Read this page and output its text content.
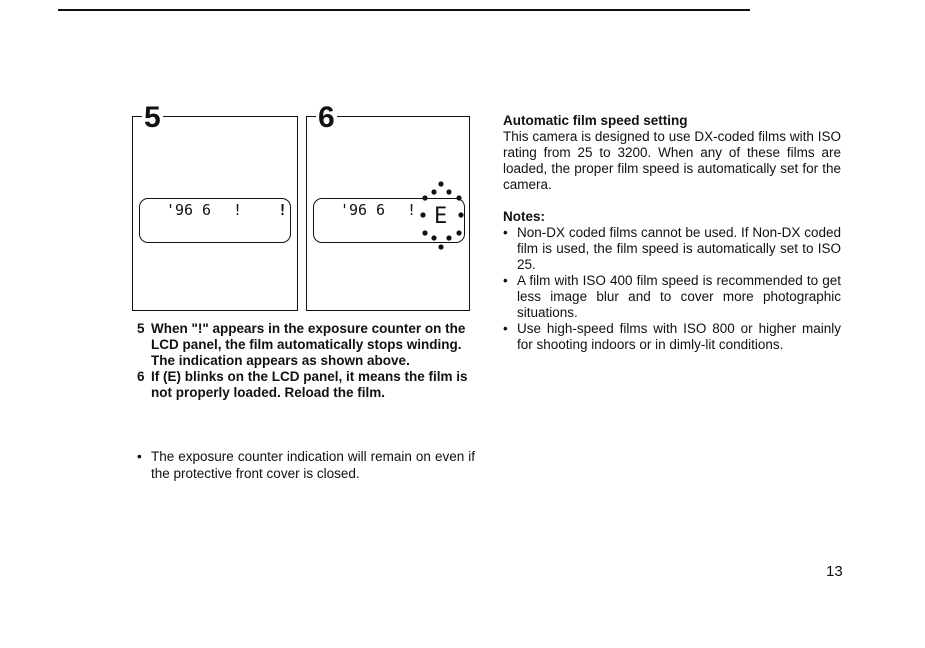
'96 6 ! !
5
'96 6 ! E
6
5 When "!" appears in the exposure counter on the LCD panel, the film automatically stops winding. The indication appears as shown above.
6 If (E) blinks on the LCD panel, it means the film is not properly loaded. Reload the film.
• The exposure counter indication will remain on even if the protective front cover is closed.

Automatic film speed setting

This camera is designed to use DX-coded films with ISO rating from 25 to 3200. When any of these films are loaded, the proper film speed is automatically set for the camera.

Notes:

• Non-DX coded films cannot be used. If Non-DX coded film is used, the film speed is automatically set to ISO 25.
• A film with ISO 400 film speed is recommended to get less image blur and to cover more photographic situations.
• Use high-speed films with ISO 800 or higher mainly for shooting indoors or in dimly-lit conditions.
13
